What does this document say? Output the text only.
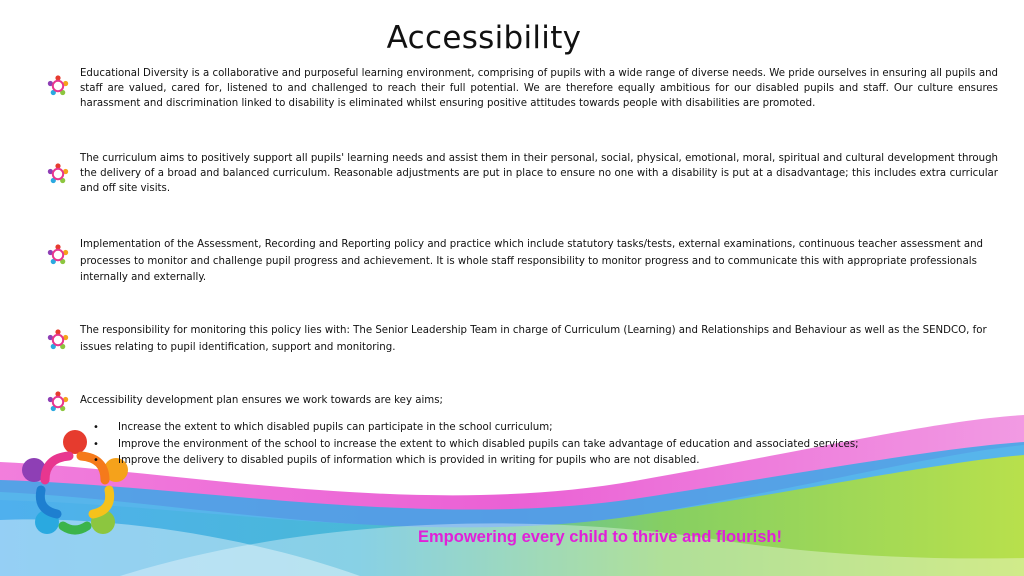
Accessibility

Educational Diversity is a collaborative and purposeful learning environment, comprising of pupils with a wide range of diverse needs. We pride ourselves in ensuring all pupils and staff are valued, cared for, listened to and challenged to reach their full potential. We are therefore equally ambitious for our disabled pupils and staff. Our culture ensures harassment and discrimination linked to disability is eliminated whilst ensuring positive attitudes towards people with disabilities are promoted.

The curriculum aims to positively support all pupils' learning needs and assist them in their personal, social, physical, emotional, moral, spiritual and cultural development through the delivery of a broad and balanced curriculum. Reasonable adjustments are put in place to ensure no one with a disability is put at a disadvantage; this includes extra curricular and off site visits.

Implementation of the Assessment, Recording and Reporting policy and practice which include statutory tasks/tests, external examinations, continuous teacher assessment and processes to monitor and challenge pupil progress and achievement. It is whole staff responsibility to monitor progress and to communicate this with appropriate professionals internally and externally.

The responsibility for monitoring this policy lies with: The Senior Leadership Team in charge of Curriculum (Learning) and Relationships and Behaviour as well as the SENDCO, for issues relating to pupil identification, support and monitoring.

Accessibility development plan ensures we work towards are key aims;

• Increase the extent to which disabled pupils can participate in the school curriculum;
• Improve the environment of the school to increase the extent to which disabled pupils can take advantage of education and associated services;
• Improve the delivery to disabled pupils of information which is provided in writing for pupils who are not disabled.
Empowering every child to thrive and flourish!
